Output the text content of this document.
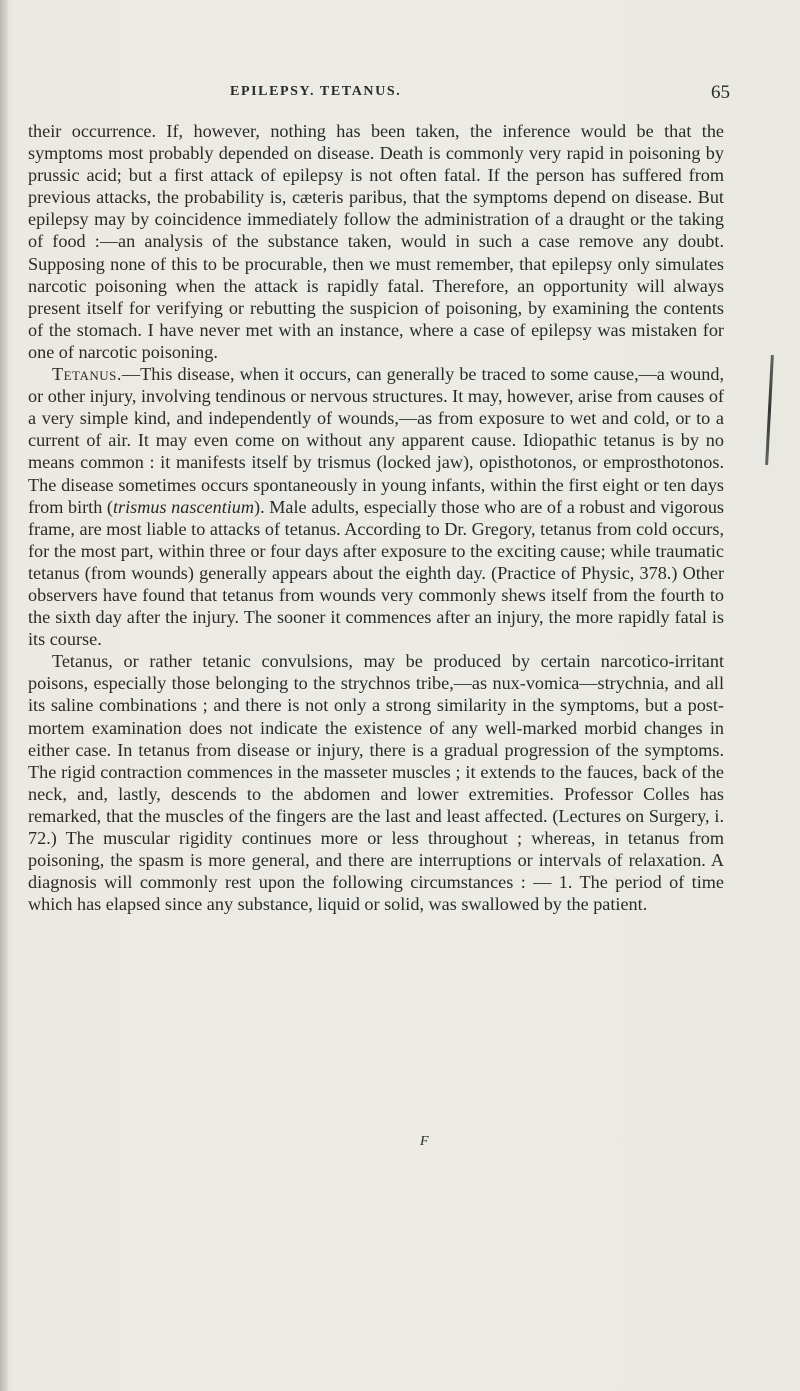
EPILEPSY. TETANUS.	65

their occurrence. If, however, nothing has been taken, the inference would be that the symptoms most probably depended on disease. Death is commonly very rapid in poisoning by prussic acid; but a first attack of epilepsy is not often fatal. If the person has suffered from previous attacks, the probability is, cæteris paribus, that the symptoms depend on disease. But epilepsy may by coincidence immediately follow the administration of a draught or the taking of food :—an analysis of the substance taken, would in such a case remove any doubt. Supposing none of this to be procurable, then we must remember, that epilepsy only simulates narcotic poisoning when the attack is rapidly fatal. Therefore, an opportunity will always present itself for verifying or rebutting the suspicion of poisoning, by examining the contents of the stomach. I have never met with an instance, where a case of epilepsy was mistaken for one of narcotic poisoning.

Tetanus.—This disease, when it occurs, can generally be traced to some cause,—a wound, or other injury, involving tendinous or nervous structures. It may, however, arise from causes of a very simple kind, and independently of wounds,—as from exposure to wet and cold, or to a current of air. It may even come on without any apparent cause. Idiopathic tetanus is by no means common : it manifests itself by trismus (locked jaw), opisthotonos, or emprosthotonos. The disease sometimes occurs spontaneously in young infants, within the first eight or ten days from birth (trismus nascentium). Male adults, especially those who are of a robust and vigorous frame, are most liable to attacks of tetanus. According to Dr. Gregory, tetanus from cold occurs, for the most part, within three or four days after exposure to the exciting cause; while traumatic tetanus (from wounds) generally appears about the eighth day. (Practice of Physic, 378.) Other observers have found that tetanus from wounds very commonly shews itself from the fourth to the sixth day after the injury. The sooner it commences after an injury, the more rapidly fatal is its course.

Tetanus, or rather tetanic convulsions, may be produced by certain narcotico-irritant poisons, especially those belonging to the strychnos tribe,—as nux-vomica—strychnia, and all its saline combinations ; and there is not only a strong similarity in the symptoms, but a post-mortem examination does not indicate the existence of any well-marked morbid changes in either case. In tetanus from disease or injury, there is a gradual progression of the symptoms. The rigid contraction commences in the masseter muscles ; it extends to the fauces, back of the neck, and, lastly, descends to the abdomen and lower extremities. Professor Colles has remarked, that the muscles of the fingers are the last and least affected. (Lectures on Surgery, i. 72.) The muscular rigidity continues more or less throughout ; whereas, in tetanus from poisoning, the spasm is more general, and there are interruptions or intervals of relaxation. A diagnosis will commonly rest upon the following circumstances : — 1. The period of time which has elapsed since any substance, liquid or solid, was swallowed by the patient.

F
